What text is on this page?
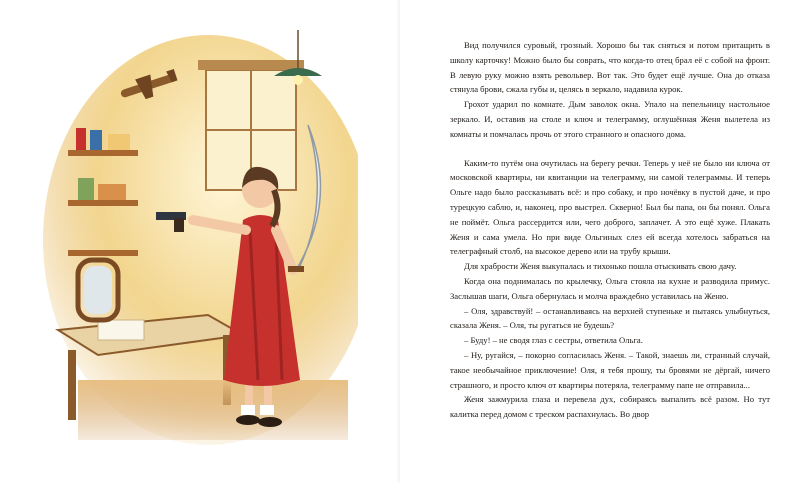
Вид получился суровый, грозный. Хорошо бы так сняться и потом притащить в школу карточку! Можно было бы соврать, что когда-то отец брал её с собой на фронт. В левую руку можно взять револьвер. Вот так. Это будет ещё лучше. Она до отказа стянула брови, сжала губы и, целясь в зеркало, надавила курок.

Грохот ударил по комнате. Дым заволок окна. Упало на пепельницу настольное зеркало. И, оставив на столе и ключ и телеграмму, оглушённая Женя вылетела из комнаты и помчалась прочь от этого странного и опасного дома.

Каким-то путём она очутилась на берегу речки. Теперь у неё не было ни ключа от московской квартиры, ни квитанции на телеграмму, ни самой телеграммы. И теперь Ольге надо было рассказывать всё: и про собаку, и про ночёвку в пустой даче, и про турецкую саблю, и, наконец, про выстрел. Скверно! Был бы папа, он бы понял. Ольга не поймёт. Ольга рассердится или, чего доброго, заплачет. А это ещё хуже. Плакать Женя и сама умела. Но при виде Ольгиных слез ей всегда хотелось забраться на телеграфный столб, на высокое дерево или на трубу крыши.

Для храбрости Женя выкупалась и тихонько пошла отыскивать свою дачу.

Когда она поднималась по крылечку, Ольга стояла на кухне и разводила примус. Заслышав шаги, Ольга обернулась и молча враждебно уставилась на Женю.

– Оля, здравствуй! – останавливаясь на верхней ступеньке и пытаясь улыбнуться, сказала Женя. – Оля, ты ругаться не будешь?

– Буду! – не сводя глаз с сестры, ответила Ольга.

– Ну, ругайся, – покорно согласилась Женя. – Такой, знаешь ли, странный случай, такое необычайное приключение! Оля, я тебя прошу, ты бровями не дёргай, ничего страшного, и просто ключ от квартиры потеряла, телеграмму папе не отправила...

Женя зажмурила глаза и перевела дух, собираясь выпалить всё разом. Но тут калитка перед домом с треском распахнулась. Во двор
